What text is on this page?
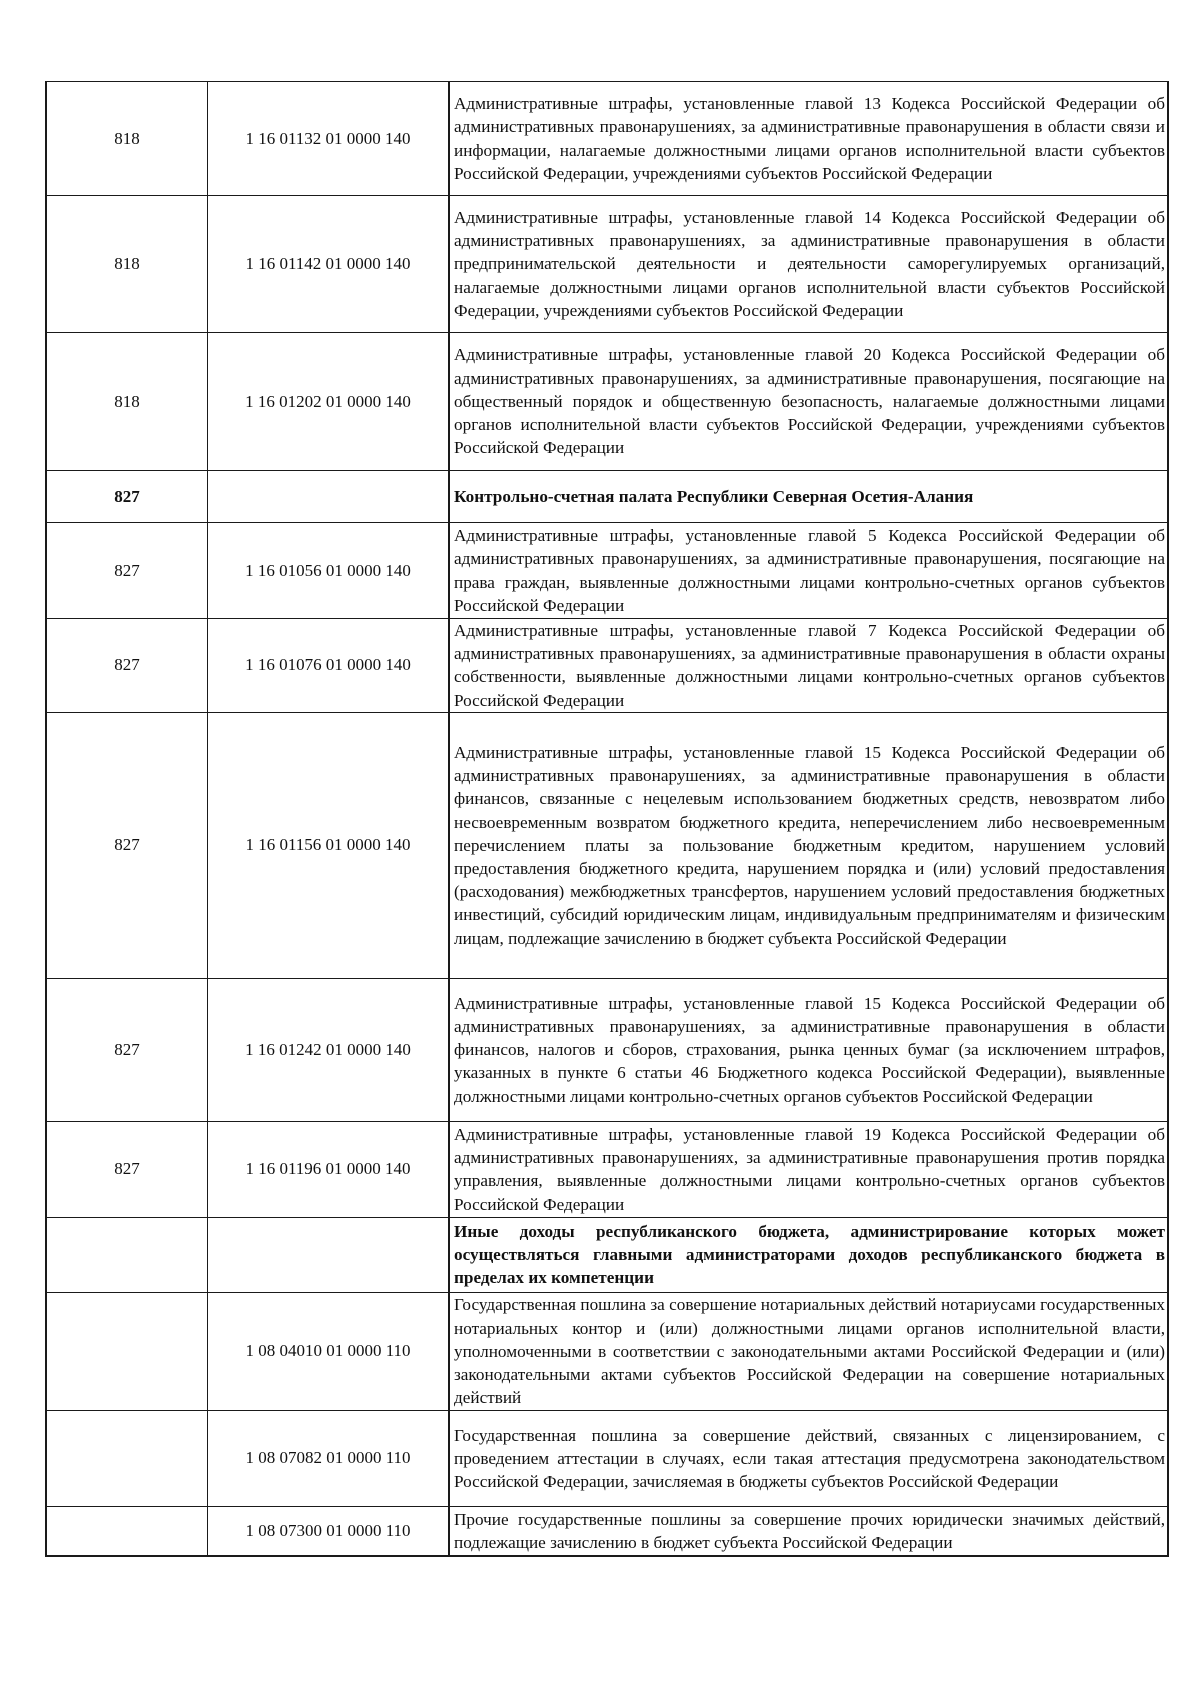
818	1 16 01132 01 0000 140	Административные штрафы, установленные главой 13 Кодекса Российской Федерации об административных правонарушениях, за административные правонарушения в области связи и информации, налагаемые должностными лицами органов исполнительной власти субъектов Российской Федерации, учреждениями субъектов Российской Федерации
818	1 16 01142 01 0000 140	Административные штрафы, установленные главой 14 Кодекса Российской Федерации об административных правонарушениях, за административные правонарушения в области предпринимательской деятельности и деятельности саморегулируемых организаций, налагаемые должностными лицами органов исполнительной власти субъектов Российской Федерации, учреждениями субъектов Российской Федерации
818	1 16 01202 01 0000 140	Административные штрафы, установленные главой 20 Кодекса Российской Федерации об административных правонарушениях, за административные правонарушения, посягающие на общественный порядок и общественную безопасность, налагаемые должностными лицами органов исполнительной власти субъектов Российской Федерации, учреждениями субъектов Российской Федерации
827		Контрольно-счетная палата Республики Северная Осетия-Алания
827	1 16 01056 01 0000 140	Административные штрафы, установленные главой 5 Кодекса Российской Федерации об административных правонарушениях, за административные правонарушения, посягающие на права граждан, выявленные должностными лицами контрольно-счетных органов субъектов Российской Федерации
827	1 16 01076 01 0000 140	Административные штрафы, установленные главой 7 Кодекса Российской Федерации об административных правонарушениях, за административные правонарушения в области охраны собственности, выявленные должностными лицами контрольно-счетных органов субъектов Российской Федерации
827	1 16 01156 01 0000 140	Административные штрафы, установленные главой 15 Кодекса Российской Федерации об административных правонарушениях, за административные правонарушения в области финансов, связанные с нецелевым использованием бюджетных средств, невозвратом либо несвоевременным возвратом бюджетного кредита, неперечислением либо несвоевременным перечислением платы за пользование бюджетным кредитом, нарушением условий предоставления бюджетного кредита, нарушением порядка и (или) условий предоставления (расходования) межбюджетных трансфертов, нарушением условий предоставления бюджетных инвестиций, субсидий юридическим лицам, индивидуальным предпринимателям и физическим лицам, подлежащие зачислению в бюджет субъекта Российской Федерации
827	1 16 01242 01 0000 140	Административные штрафы, установленные главой 15 Кодекса Российской Федерации об административных правонарушениях, за административные правонарушения в области финансов, налогов и сборов, страхования, рынка ценных бумаг (за исключением штрафов, указанных в пункте 6 статьи 46 Бюджетного кодекса Российской Федерации), выявленные должностными лицами контрольно-счетных органов субъектов Российской Федерации
827	1 16 01196 01 0000 140	Административные штрафы, установленные главой 19 Кодекса Российской Федерации об административных правонарушениях, за административные правонарушения против порядка управления, выявленные должностными лицами контрольно-счетных органов субъектов Российской Федерации
		Иные доходы республиканского бюджета, администрирование которых может осуществляться главными администраторами доходов республиканского бюджета в пределах их компетенции
	1 08 04010 01 0000 110	Государственная пошлина за совершение нотариальных действий нотариусами государственных нотариальных контор и (или) должностными лицами органов исполнительной власти, уполномоченными в соответствии с законодательными актами Российской Федерации и (или) законодательными актами субъектов Российской Федерации на совершение нотариальных действий
	1 08 07082 01 0000 110	Государственная пошлина за совершение действий, связанных с лицензированием, с проведением аттестации в случаях, если такая аттестация предусмотрена законодательством Российской Федерации, зачисляемая в бюджеты субъектов Российской Федерации
	1 08 07300 01 0000 110	Прочие государственные пошлины за совершение прочих юридически значимых действий, подлежащие зачислению в бюджет субъекта Российской Федерации
